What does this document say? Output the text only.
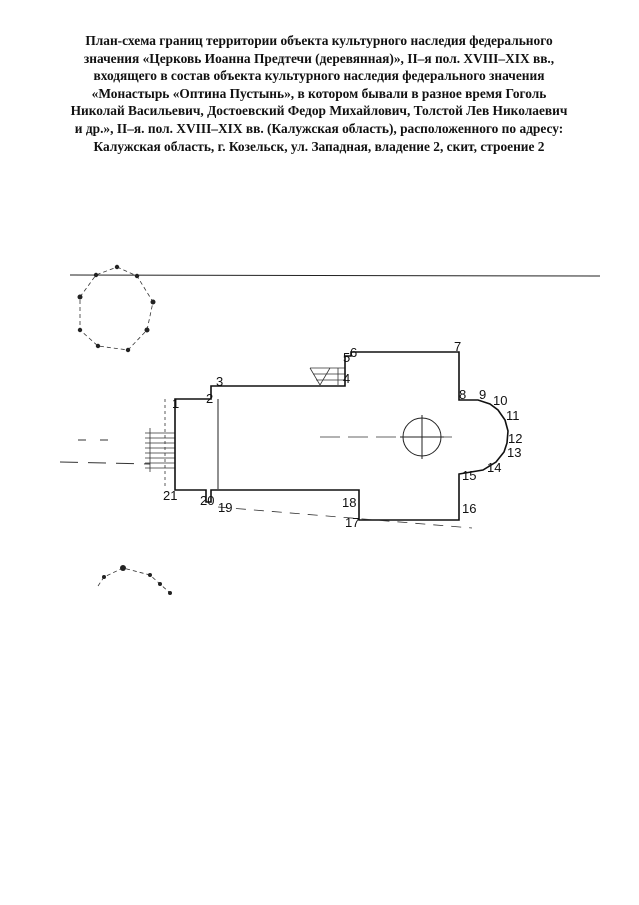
План-схема границ территории объекта культурного наследия федерального
значения «Церковь Иоанна Предтечи (деревянная)», II–я пол. XVIII–XIX вв.,
входящего в состав объекта культурного наследия федерального значения
«Монастырь «Оптина Пустынь», в котором бывали в разное время Гоголь
Николай Васильевич, Достоевский Федор Михайлович, Толстой Лев Николаевич
и др.», II–я. пол. XVIII–XIX вв. (Калужская область), расположенного по адресу:
Калужская область, г. Козельск, ул. Западная, владение 2, скит, строение 2
1 2
3	4
5 6	7
8 9 10
11
12
13
14
15
16
17
18
19
20
21
